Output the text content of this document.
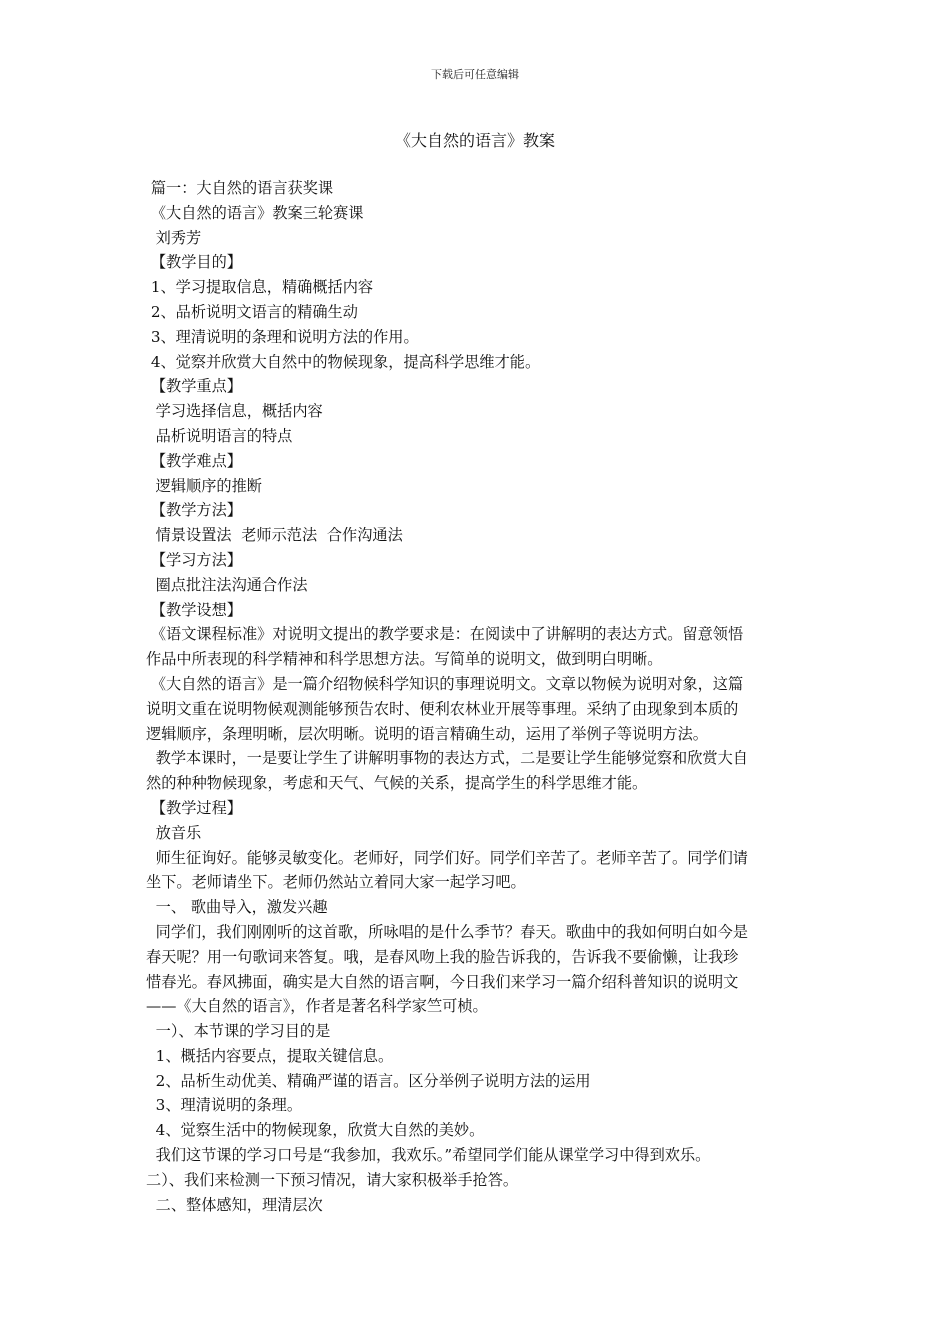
下载后可任意编辑
《大自然的语言》教案
篇一：大自然的语言获奖课
《大自然的语言》教案三轮赛课
刘秀芳
【教学目的】
1、学习提取信息，精确概括内容
2、品析说明文语言的精确生动
3、理清说明的条理和说明方法的作用。
4、觉察并欣赏大自然中的物候现象，提高科学思维才能。
【教学重点】
学习选择信息，概括内容
品析说明语言的特点
【教学难点】
逻辑顺序的推断
【教学方法】
情景设置法  老师示范法  合作沟通法
【学习方法】
圈点批注法沟通合作法
【教学设想】
《语文课程标准》对说明文提出的教学要求是：在阅读中了讲解明的表达方式。留意领悟
作品中所表现的科学精神和科学思想方法。写简单的说明文，做到明白明晰。
《大自然的语言》是一篇介绍物候科学知识的事理说明文。文章以物候为说明对象，这篇
说明文重在说明物候观测能够预告农时、便利农林业开展等事理。采纳了由现象到本质的
逻辑顺序，条理明晰，层次明晰。说明的语言精确生动，运用了举例子等说明方法。
教学本课时，一是要让学生了讲解明事物的表达方式，二是要让学生能够觉察和欣赏大自
然的种种物候现象，考虑和天气、气候的关系，提高学生的科学思维才能。
【教学过程】
放音乐
师生征询好。能够灵敏变化。老师好，同学们好。同学们辛苦了。老师辛苦了。同学们请
坐下。老师请坐下。老师仍然站立着同大家一起学习吧。
一、 歌曲导入，激发兴趣
同学们，我们刚刚听的这首歌，所咏唱的是什么季节？春天。歌曲中的我如何明白如今是
春天呢？用一句歌词来答复。哦，是春风吻上我的脸告诉我的，告诉我不要偷懒，让我珍
惜春光。春风拂面，确实是大自然的语言啊，今日我们来学习一篇介绍科普知识的说明文
——《大自然的语言》，作者是著名科学家竺可桢。
一）、本节课的学习目的是
1、概括内容要点，提取关键信息。
2、品析生动优美、精确严谨的语言。区分举例子说明方法的运用
3、理清说明的条理。
4、觉察生活中的物候现象，欣赏大自然的美妙。
我们这节课的学习口号是“我参加，我欢乐。”希望同学们能从课堂学习中得到欢乐。
二）、我们来检测一下预习情况，请大家积极举手抢答。
二、整体感知，理清层次
